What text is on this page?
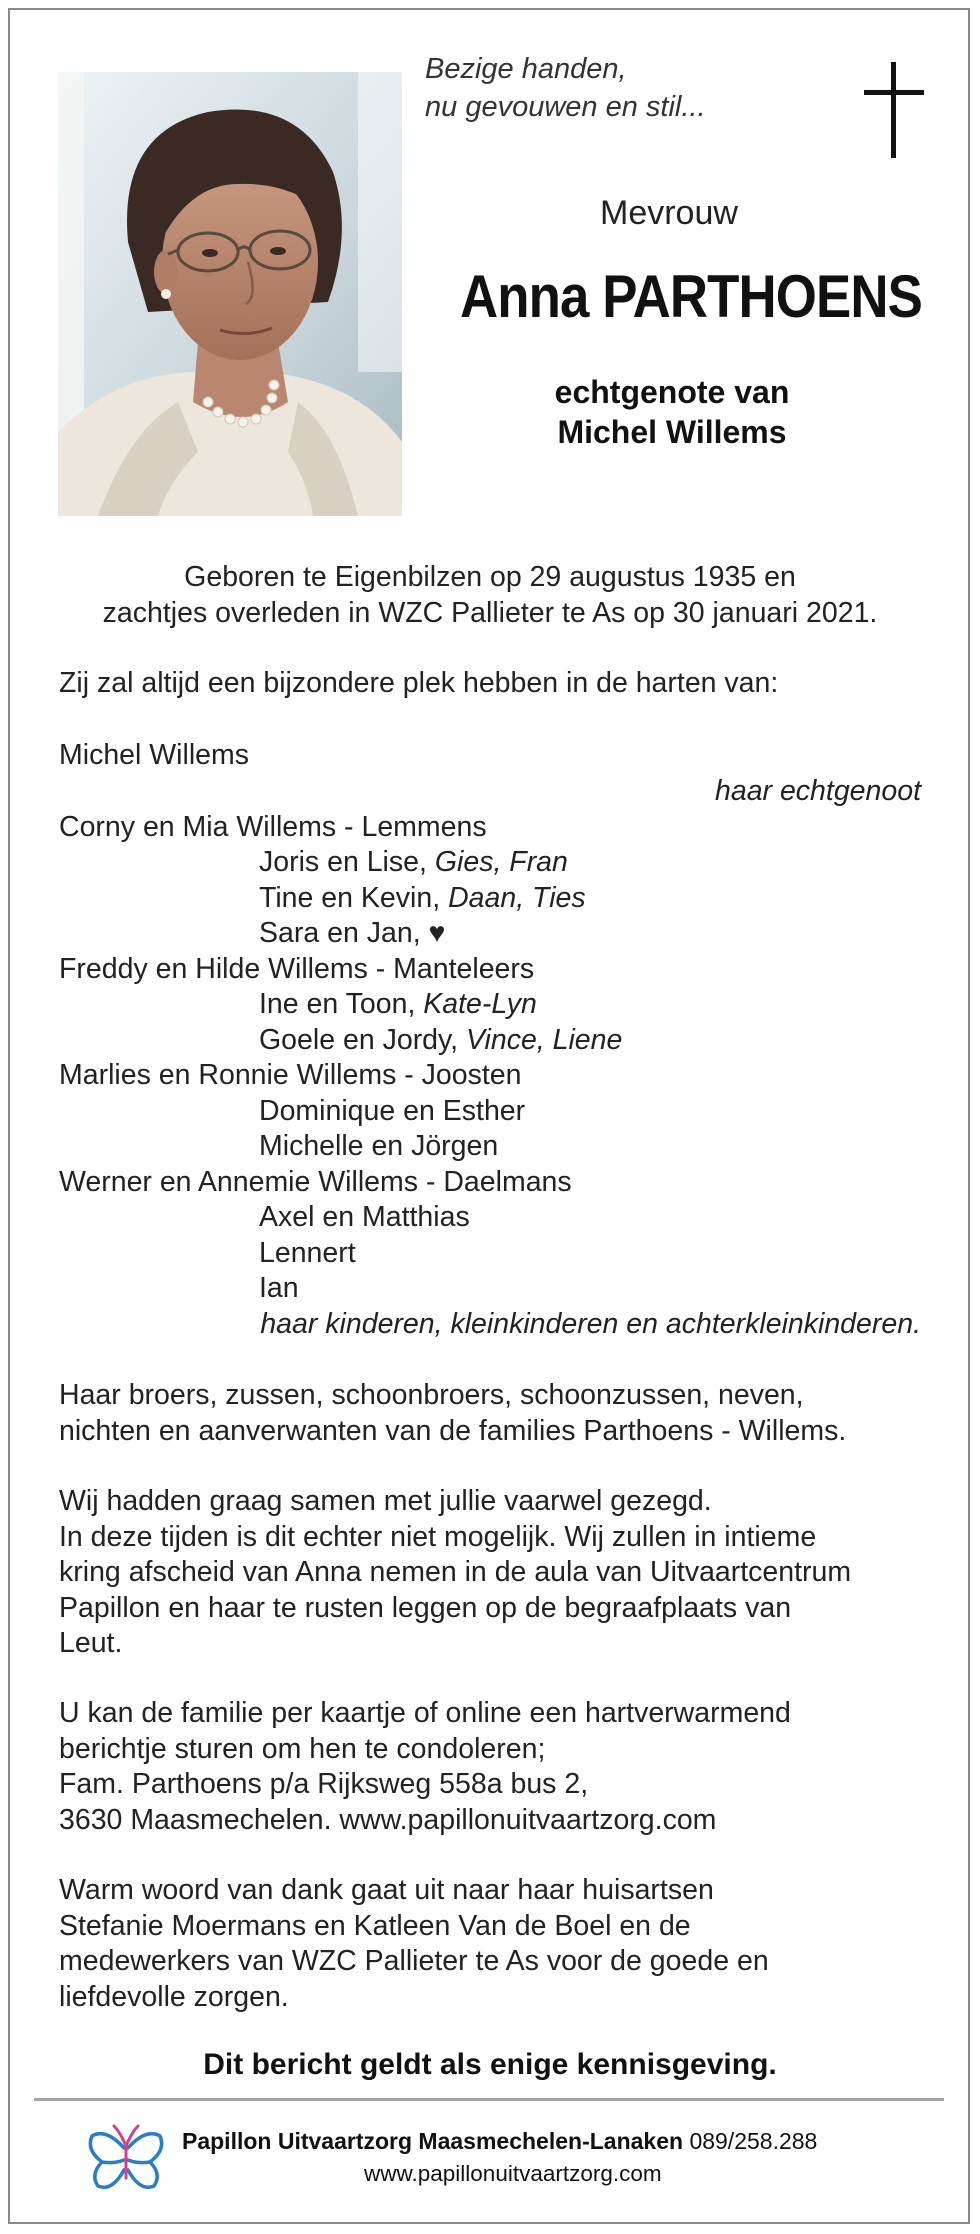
Bezige handen,
nu gevouwen en stil...
Mevrouw
Anna PARTHOENS
echtgenote van
Michel Willems
Geboren te Eigenbilzen op 29 augustus 1935 en
zachtjes overleden in WZC Pallieter te As op 30 januari 2021.
Zij zal altijd een bijzondere plek hebben in de harten van:
Michel Willems
haar echtgenoot
Corny en Mia Willems - Lemmens
Joris en Lise, Gies, Fran
Tine en Kevin, Daan, Ties
Sara en Jan, ♥
Freddy en Hilde Willems - Manteleers
Ine en Toon, Kate-Lyn
Goele en Jordy, Vince, Liene
Marlies en Ronnie Willems - Joosten
Dominique en Esther
Michelle en Jörgen
Werner en Annemie Willems - Daelmans
Axel en Matthias
Lennert
Ian
haar kinderen, kleinkinderen en achterkleinkinderen.
Haar broers, zussen, schoonbroers, schoonzussen, neven,
nichten en aanverwanten van de families Parthoens - Willems.
Wij hadden graag samen met jullie vaarwel gezegd.
In deze tijden is dit echter niet mogelijk. Wij zullen in intieme
kring afscheid van Anna nemen in de aula van Uitvaartcentrum
Papillon en haar te rusten leggen op de begraafplaats van
Leut.
U kan de familie per kaartje of online een hartverwarmend
berichtje sturen om hen te condoleren;
Fam. Parthoens p/a Rijksweg 558a bus 2,
3630 Maasmechelen. www.papillonuitvaartzorg.com
Warm woord van dank gaat uit naar haar huisartsen
Stefanie Moermans en Katleen Van de Boel en de
medewerkers van WZC Pallieter te As voor de goede en
liefdevolle zorgen.
Dit bericht geldt als enige kennisgeving.
Papillon Uitvaartzorg Maasmechelen-Lanaken 089/258.288
www.papillonuitvaartzorg.com
